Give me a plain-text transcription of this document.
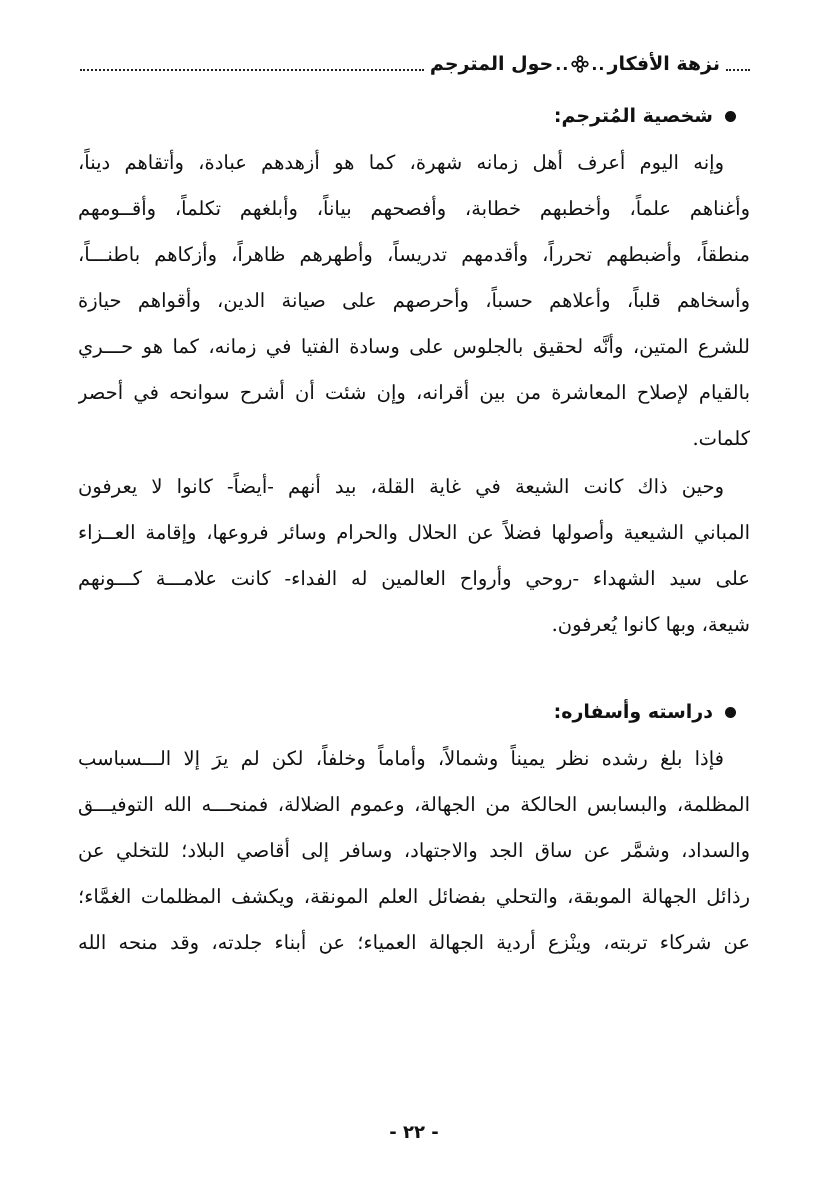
نزهة الأفكار
..
..
حول المترجم
شخصية المُترجم:

وإنه اليوم أعرف أهل زمانه شهرة، كما هو أزهدهم عبادة، وأتقاهم ديناً،
وأغناهم علماً، وأخطبهم خطابة، وأفصحهم بياناً، وأبلغهم تكلماً، وأقــومهم
منطقاً، وأضبطهم تحرراً، وأقدمهم تدريساً، وأطهرهم ظاهراً، وأزكاهم باطنـــاً،
وأسخاهم قلباً، وأعلاهم حسباً، وأحرصهم على صيانة الدين، وأقواهم حيازة
للشرع المتين، وأنَّه لحقيق بالجلوس على وسادة الفتيا في زمانه، كما هو حـــري
بالقيام لإصلاح المعاشرة من بين أقرانه، وإن شئت أن أشرح سوانحه في أحصر
كلمات.

وحين ذاك كانت الشيعة في غاية القلة، بيد أنهم -أيضاً- كانوا لا يعرفون
المباني الشيعية وأصولها فضلاً عن الحلال والحرام وسائر فروعها، وإقامة العــزاء
على سيد الشهداء -روحي وأرواح العالمين له الفداء- كانت علامـــة كـــونهم
شيعة، وبها كانوا يُعرفون.

دراسته وأسفاره:

فإذا بلغ رشده نظر يميناً وشمالاً، وأماماً وخلفاً، لكن لم يرَ إلا الـــسباسب
المظلمة، والبسابس الحالكة من الجهالة، وعموم الضلالة، فمنحـــه الله التوفيـــق
والسداد، وشمَّر عن ساق الجد والاجتهاد، وسافر إلى أقاصي البلاد؛ للتخلي عن
رذائل الجهالة الموبقة، والتحلي بفضائل العلم المونقة، ويكشف المظلمات الغمَّاء؛
عن شركاء تربته، وينْزع أردية الجهالة العمياء؛ عن أبناء جلدته، وقد منحه الله

- ٢٢ -
